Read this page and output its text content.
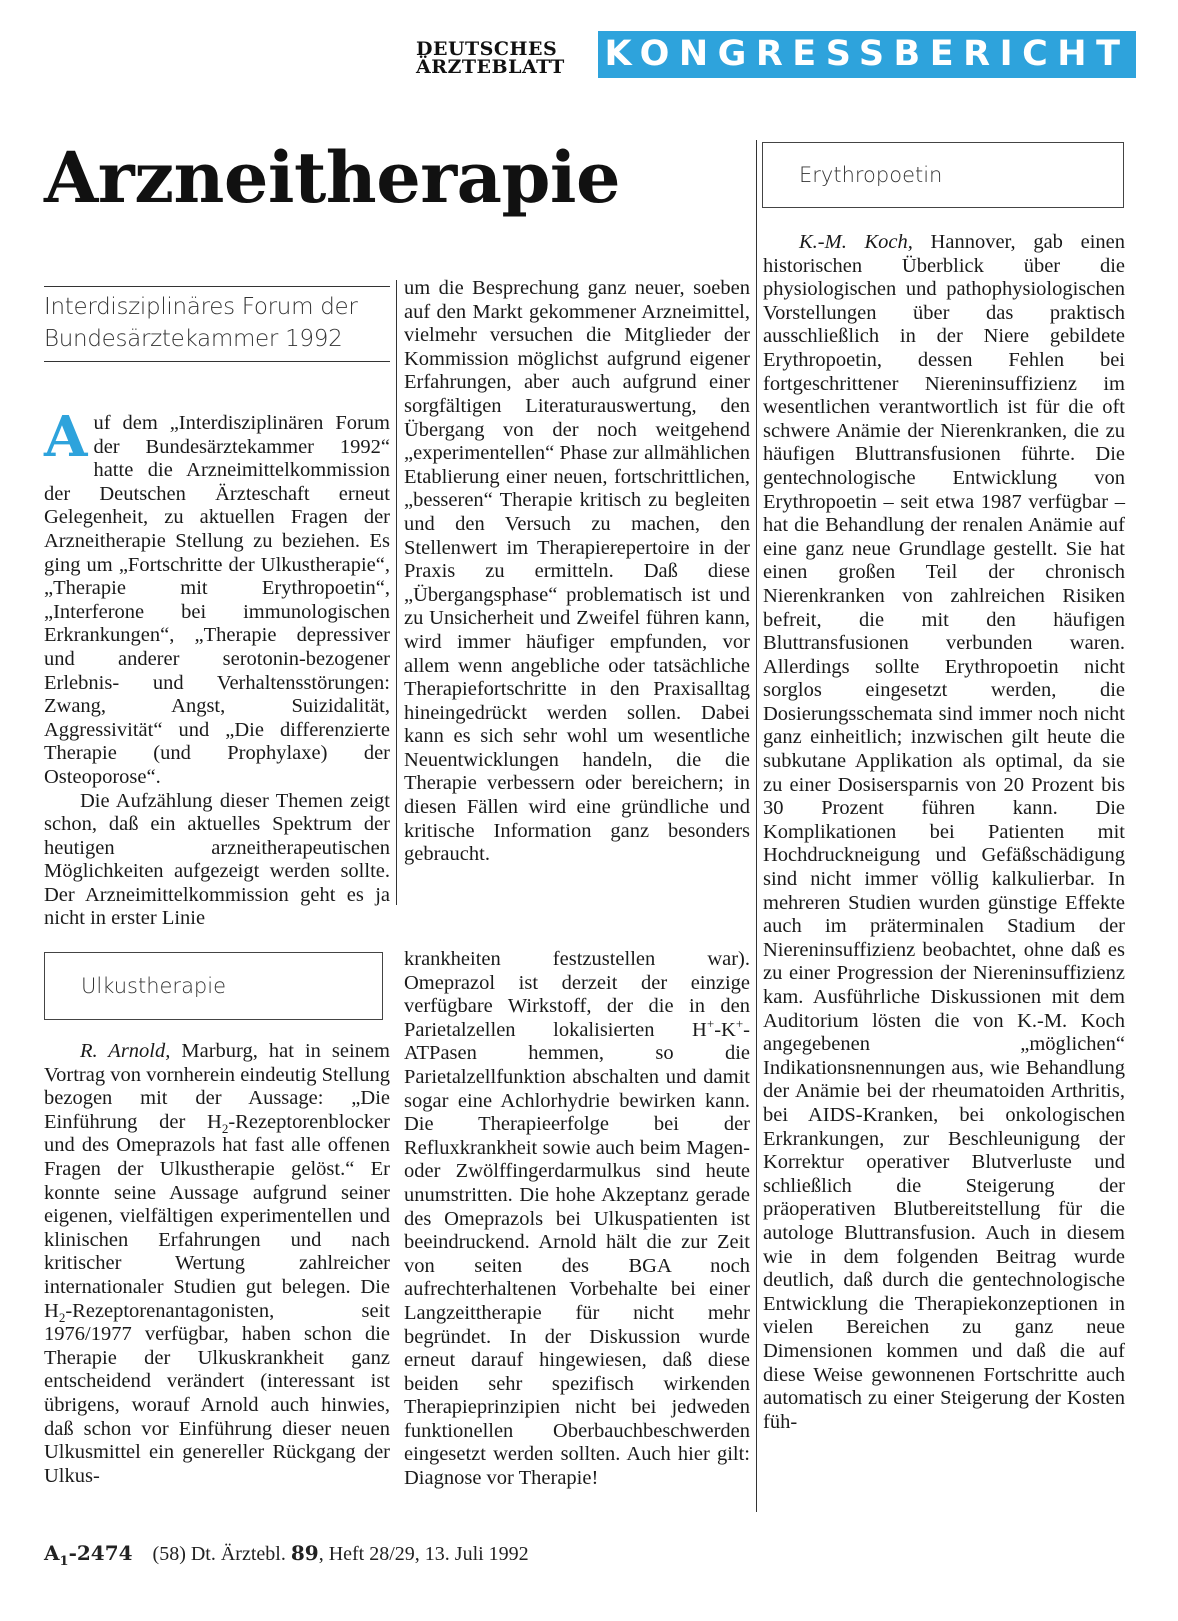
DEUTSCHES
ÄRZTEBLATT	KONGRESSBERICHT
Arzneitherapie
Interdisziplinäres Forum der
Bundesärztekammer 1992

Auf dem „Interdisziplinären Forum der Bundesärztekammer 1992“ hatte die Arzneimittelkommission der Deutschen Ärzteschaft erneut Gelegenheit, zu aktuellen Fragen der Arzneitherapie Stellung zu beziehen. Es ging um „Fortschritte der Ulkustherapie“, „Therapie mit Erythropoetin“, „Interferone bei immunologischen Erkrankungen“, „Therapie depressiver und anderer serotonin-bezogener Erlebnis- und Verhaltensstörungen: Zwang, Angst, Suizidalität, Aggressivität“ und „Die differenzierte Therapie (und Prophylaxe) der Osteoporose“.

Die Aufzählung dieser Themen zeigt schon, daß ein aktuelles Spektrum der heutigen arzneitherapeutischen Möglichkeiten aufgezeigt werden sollte. Der Arzneimittelkommission geht es ja nicht in erster Linie

um die Besprechung ganz neuer, soeben auf den Markt gekommener Arzneimittel, vielmehr versuchen die Mitglieder der Kommission möglichst aufgrund eigener Erfahrungen, aber auch aufgrund einer sorgfältigen Literaturauswertung, den Übergang von der noch weitgehend „experimentellen“ Phase zur allmählichen Etablierung einer neuen, fortschrittlichen, „besseren“ Therapie kritisch zu begleiten und den Versuch zu machen, den Stellenwert im Therapierepertoire in der Praxis zu ermitteln. Daß diese „Übergangsphase“ problematisch ist und zu Unsicherheit und Zweifel führen kann, wird immer häufiger empfunden, vor allem wenn angebliche oder tatsächliche Therapiefortschritte in den Praxisalltag hineingedrückt werden sollen. Dabei kann es sich sehr wohl um wesentliche Neuentwicklungen handeln, die die Therapie verbessern oder bereichern; in diesen Fällen wird eine gründliche und kritische Information ganz besonders gebraucht.

Ulkustherapie

R. Arnold, Marburg, hat in seinem Vortrag von vornherein eindeutig Stellung bezogen mit der Aussage: „Die Einführung der $H_2$-Rezeptorenblocker und des Omeprazols hat fast alle offenen Fragen der Ulkustherapie gelöst.“ Er konnte seine Aussage aufgrund seiner eigenen, vielfältigen experimentellen und klinischen Erfahrungen und nach kritischer Wertung zahlreicher internationaler Studien gut belegen. Die $H_2$-Rezeptorenantagonisten, seit 1976/1977 verfügbar, haben schon die Therapie der Ulkuskrankheit ganz entscheidend verändert (interessant ist übrigens, worauf Arnold auch hinwies, daß schon vor Einführung dieser neuen Ulkusmittel ein genereller Rückgang der Ulkus-

krankheiten festzustellen war). Omeprazol ist derzeit der einzige verfügbare Wirkstoff, der die in den Parietalzellen lokalisierten H+-K+-ATPasen hemmen, so die Parietalzellfunktion abschalten und damit sogar eine Achlorhydrie bewirken kann. Die Therapieerfolge bei der Refluxkrankheit sowie auch beim Magen- oder Zwölffingerdarmulkus sind heute unumstritten. Die hohe Akzeptanz gerade des Omeprazols bei Ulkuspatienten ist beeindruckend. Arnold hält die zur Zeit von seiten des BGA noch aufrechterhaltenen Vorbehalte bei einer Langzeittherapie für nicht mehr begründet. In der Diskussion wurde erneut darauf hingewiesen, daß diese beiden sehr spezifisch wirkenden Therapieprinzipien nicht bei jedweden funktionellen Oberbauchbeschwerden eingesetzt werden sollten. Auch hier gilt: Diagnose vor Therapie!

Erythropoetin

K.-M. Koch, Hannover, gab einen historischen Überblick über die physiologischen und pathophysiologischen Vorstellungen über das praktisch ausschließlich in der Niere gebildete Erythropoetin, dessen Fehlen bei fortgeschrittener Niereninsuffizienz im wesentlichen verantwortlich ist für die oft schwere Anämie der Nierenkranken, die zu häufigen Bluttransfusionen führte. Die gentechnologische Entwicklung von Erythropoetin – seit etwa 1987 verfügbar – hat die Behandlung der renalen Anämie auf eine ganz neue Grundlage gestellt. Sie hat einen großen Teil der chronisch Nierenkranken von zahlreichen Risiken befreit, die mit den häufigen Bluttransfusionen verbunden waren. Allerdings sollte Erythropoetin nicht sorglos eingesetzt werden, die Dosierungsschemata sind immer noch nicht ganz einheitlich; inzwischen gilt heute die subkutane Applikation als optimal, da sie zu einer Dosisersparnis von 20 Prozent bis 30 Prozent führen kann. Die Komplikationen bei Patienten mit Hochdruckneigung und Gefäßschädigung sind nicht immer völlig kalkulierbar. In mehreren Studien wurden günstige Effekte auch im präterminalen Stadium der Niereninsuffizienz beobachtet, ohne daß es zu einer Progression der Niereninsuffizienz kam. Ausführliche Diskussionen mit dem Auditorium lösten die von K.-M. Koch angegebenen „möglichen“ Indikationsnennungen aus, wie Behandlung der Anämie bei der rheumatoiden Arthritis, bei AIDS-Kranken, bei onkologischen Erkrankungen, zur Beschleunigung der Korrektur operativer Blutverluste und schließlich die Steigerung der präoperativen Blutbereitstellung für die autologe Bluttransfusion. Auch in diesem wie in dem folgenden Beitrag wurde deutlich, daß durch die gentechnologische Entwicklung die Therapiekonzeptionen in vielen Bereichen zu ganz neue Dimensionen kommen und daß die auf diese Weise gewonnenen Fortschritte auch automatisch zu einer Steigerung der Kosten füh-

$A_1-2474$ (58) Dt. Ärztebl. 89, Heft 28/29, 13. Juli 1992
